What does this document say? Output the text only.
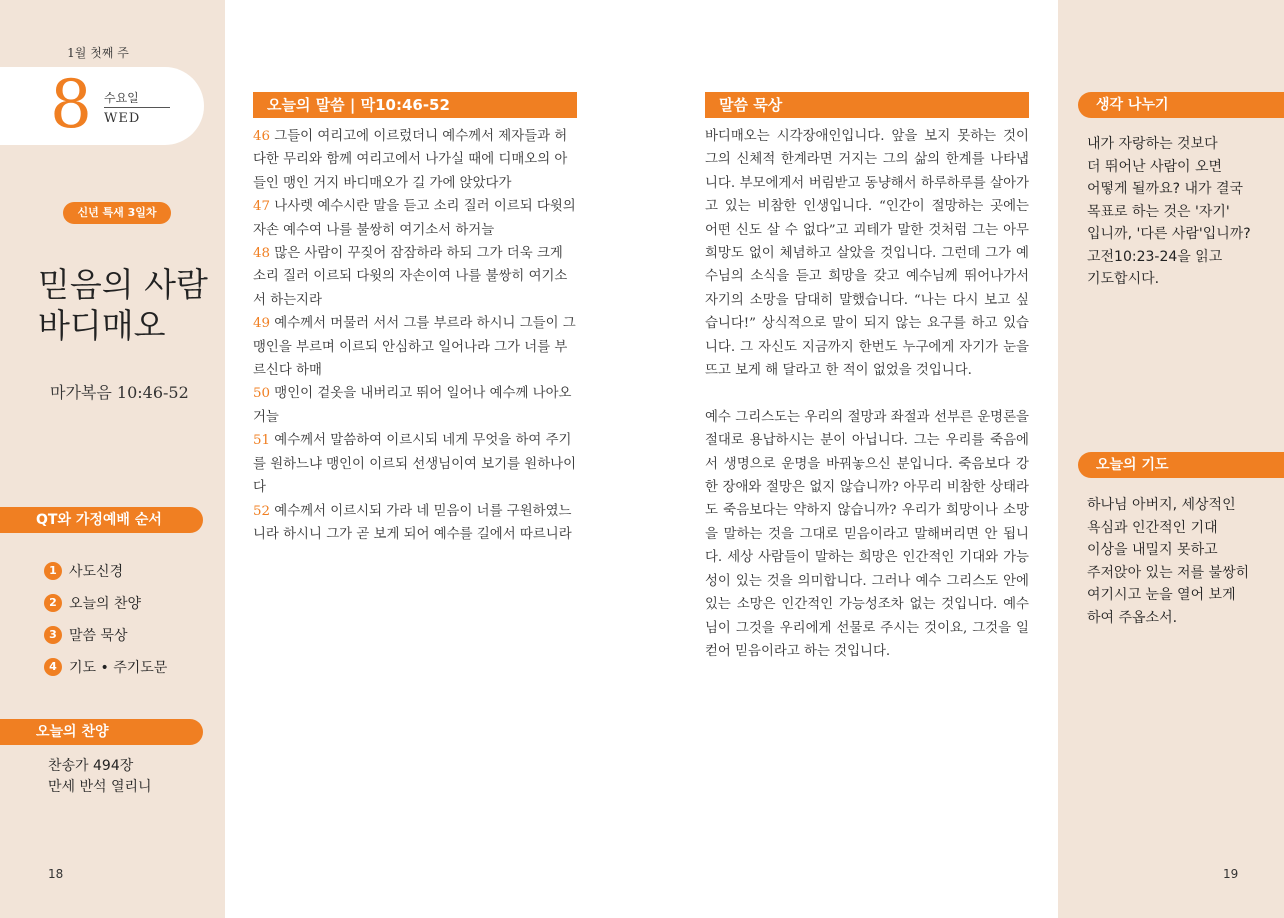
1월 첫째 주
8 수요일
WED
신년 특새 3일차
믿음의 사람
바디매오
마가복음 10:46-52
QT와 가정예배 순서
1 사도신경
2 오늘의 찬양
3 말씀 묵상
4 기도 • 주기도문
오늘의 찬양
찬송가 494장
만세 반석 열리니
18
오늘의 말씀 | 막10:46-52
46 그들이 여리고에 이르렀더니 예수께서 제자들과 허다한 무리와 함께 여리고에서 나가실 때에 디매오의 아들인 맹인 거지 바디매오가 길 가에 앉았다가
47 나사렛 예수시란 말을 듣고 소리 질러 이르되 다윗의 자손 예수여 나를 불쌍히 여기소서 하거늘
48 많은 사람이 꾸짖어 잠잠하라 하되 그가 더욱 크게 소리 질러 이르되 다윗의 자손이여 나를 불쌍히 여기소서 하는지라
49 예수께서 머물러 서서 그를 부르라 하시니 그들이 그 맹인을 부르며 이르되 안심하고 일어나라 그가 너를 부르신다 하매
50 맹인이 겉옷을 내버리고 뛰어 일어나 예수께 나아오거늘
51 예수께서 말씀하여 이르시되 네게 무엇을 하여 주기를 원하느냐 맹인이 이르되 선생님이여 보기를 원하나이다
52 예수께서 이르시되 가라 네 믿음이 너를 구원하였느니라 하시니 그가 곧 보게 되어 예수를 길에서 따르니라
말씀 묵상

바디매오는 시각장애인입니다. 앞을 보지 못하는 것이 그의 신체적 한계라면 거지는 그의 삶의 한계를 나타냅니다. 부모에게서 버림받고 동냥해서 하루하루를 살아가고 있는 비참한 인생입니다. “인간이 절망하는 곳에는 어떤 신도 살 수 없다”고 괴테가 말한 것처럼 그는 아무 희망도 없이 체념하고 살았을 것입니다. 그런데 그가 예수님의 소식을 듣고 희망을 갖고 예수님께 뛰어나가서 자기의 소망을 담대히 말했습니다. “나는 다시 보고 싶습니다!” 상식적으로 말이 되지 않는 요구를 하고 있습니다. 그 자신도 지금까지 한번도 누구에게 자기가 눈을 뜨고 보게 해 달라고 한 적이 없었을 것입니다.

예수 그리스도는 우리의 절망과 좌절과 선부른 운명론을 절대로 용납하시는 분이 아닙니다. 그는 우리를 죽음에서 생명으로 운명을 바꿔놓으신 분입니다. 죽음보다 강한 장애와 절망은 없지 않습니까? 아무리 비참한 상태라도 죽음보다는 약하지 않습니까? 우리가 희망이나 소망을 말하는 것을 그대로 믿음이라고 말해버리면 안 됩니다. 세상 사람들이 말하는 희망은 인간적인 기대와 가능성이 있는 것을 의미합니다. 그러나 예수 그리스도 안에 있는 소망은 인간적인 가능성조차 없는 것입니다. 예수님이 그것을 우리에게 선물로 주시는 것이요, 그것을 일컫어 믿음이라고 하는 것입니다.

생각 나누기
내가 자랑하는 것보다
더 뛰어난 사람이 오면
어떻게 될까요? 내가 결국
목표로 하는 것은 '자기'
입니까, '다른 사람'입니까?
고전10:23-24을 읽고
기도합시다.
오늘의 기도
하나님 아버지, 세상적인
욕심과 인간적인 기대
이상을 내밀지 못하고
주저앉아 있는 저를 불쌍히
여기시고 눈을 열어 보게
하여 주옵소서.
19
